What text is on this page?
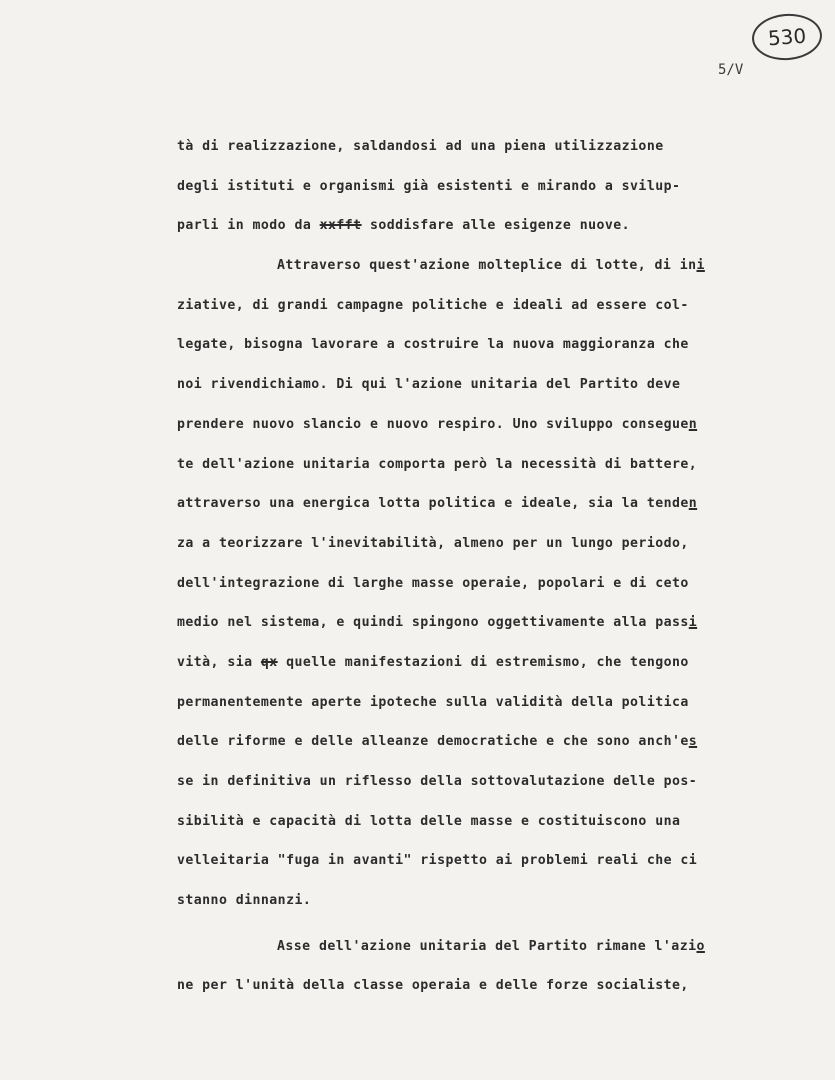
530
5/V
tà di realizzazione, saldandosi ad una piena utilizzazione
degli istituti e organismi già esistenti e mirando a svilup-
parli in modo da xxfft soddisfare alle esigenze nuove.
Attraverso quest'azione molteplice di lotte, di ini
ziative, di grandi campagne politiche e ideali ad essere col-
legate, bisogna lavorare a costruire la nuova maggioranza che
noi rivendichiamo. Di qui l'azione unitaria del Partito deve
prendere nuovo slancio e nuovo respiro. Uno sviluppo conseguen
te dell'azione unitaria comporta però la necessità di battere,
attraverso una energica lotta politica e ideale, sia la tenden
za a teorizzare l'inevitabilità, almeno per un lungo periodo,
dell'integrazione di larghe masse operaie, popolari e di ceto
medio nel sistema, e quindi spingono oggettivamente alla passi
vità, sia qx quelle manifestazioni di estremismo, che tengono
permanentemente aperte ipoteche sulla validità della politica
delle riforme e delle alleanze democratiche e che sono anch'es
se in definitiva un riflesso della sottovalutazione delle pos-
sibilità e capacità di lotta delle masse e costituiscono una
velleitaria "fuga in avanti" rispetto ai problemi reali che ci
stanno dinnanzi.
Asse dell'azione unitaria del Partito rimane l'azio
ne per l'unità della classe operaia e delle forze socialiste,
